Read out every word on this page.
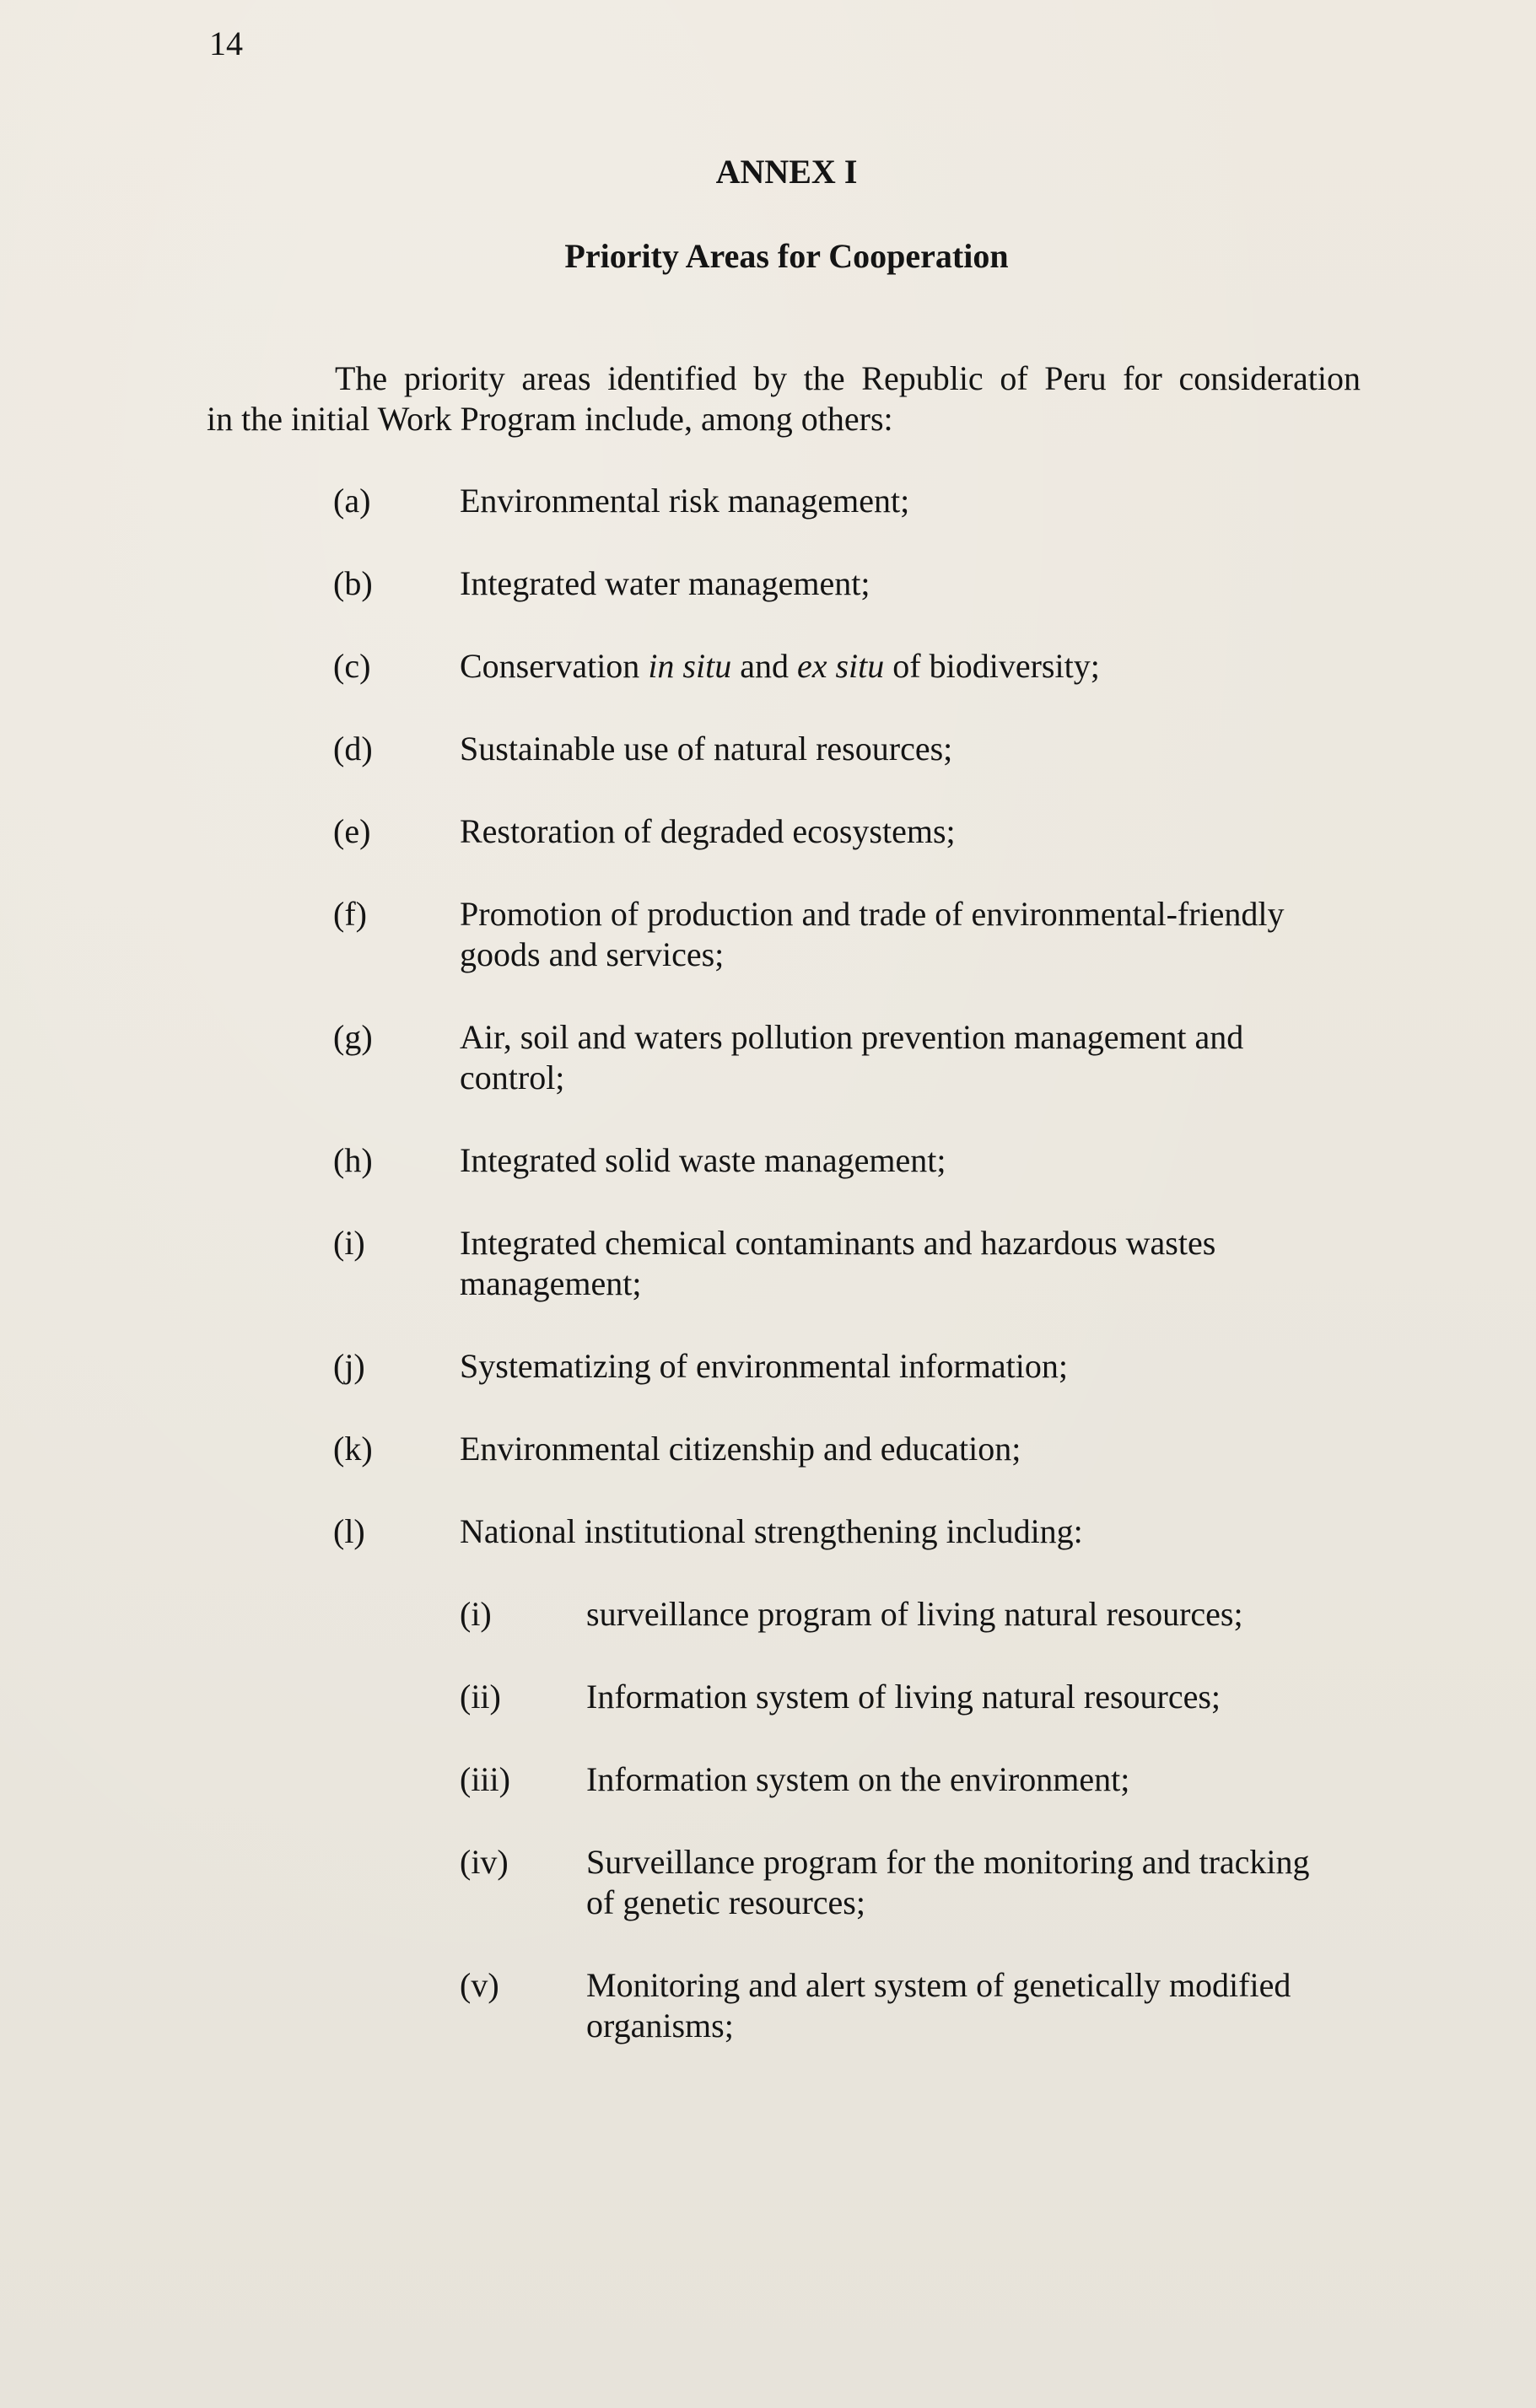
14
ANNEX I
Priority Areas for Cooperation
The priority areas identified by the Republic of Peru for consideration
in the initial Work Program include, among others:
(a)	Environmental risk management;
(b)	Integrated water management;
(c)	Conservation in situ and ex situ of biodiversity;
(d)	Sustainable use of natural resources;
(e)	Restoration of degraded ecosystems;
(f)	Promotion of production and trade of environmental-friendly
goods and services;
(g)	Air, soil and waters pollution prevention management and
control;
(h)	Integrated solid waste management;
(i)	Integrated chemical contaminants and hazardous wastes
management;
(j)	Systematizing of environmental information;
(k)	Environmental citizenship and education;
(l)	National institutional strengthening including:
(i)	surveillance program of living natural resources;
(ii)	Information system of living natural resources;
(iii) Information system on the environment;
(iv) Surveillance program for the monitoring and tracking
of genetic resources;
(v)	Monitoring and alert system of genetically modified
organisms;
